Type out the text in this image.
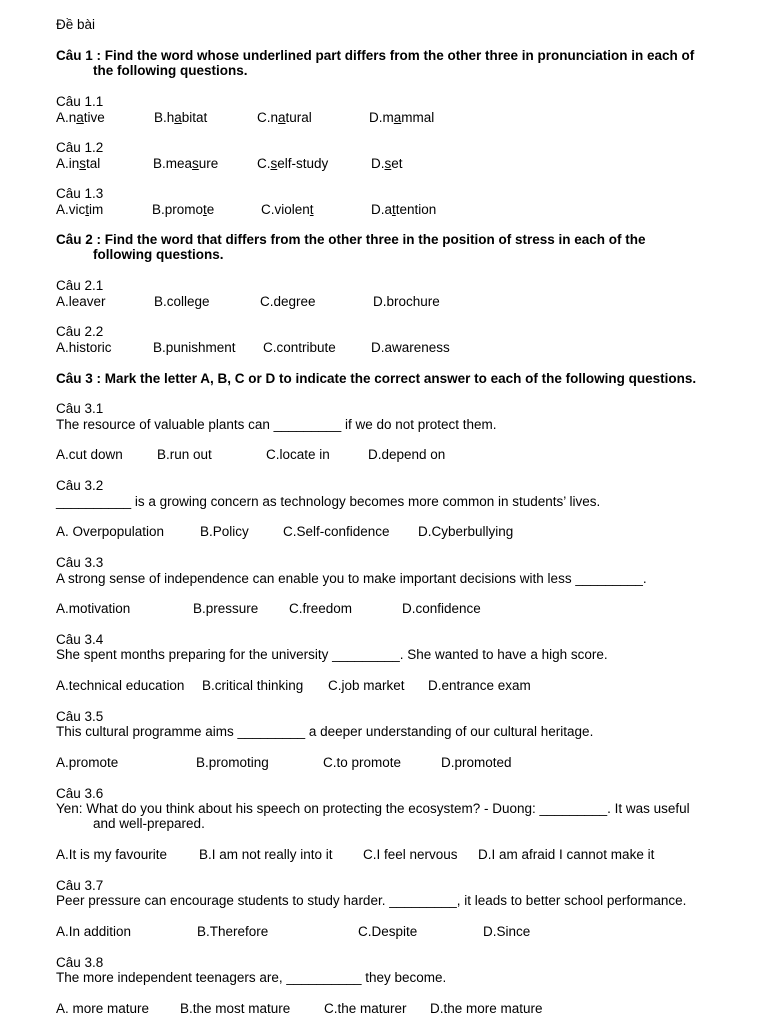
Đề bài
Câu 1 : Find the word whose underlined part differs from the other three in pronunciation in each of
the following questions.
Câu 1.1
A.native	B.habitat	C.natural	D.mammal
Câu 1.2
A.instal	B.measure	C.self-study	D.set
Câu 1.3
A.victim	B.promote	C.violent	D.attention
Câu 2 : Find the word that differs from the other three in the position of stress in each of the
following questions.
Câu 2.1
A.leaver	B.college	C.degree	D.brochure
Câu 2.2
A.historic	B.punishment C.contribute	D.awareness
Câu 3 : Mark the letter A, B, C or D to indicate the correct answer to each of the following questions.
Câu 3.1
The resource of valuable plants can _________ if we do not protect them.
A.cut down	B.run out	C.locate in	D.depend on
Câu 3.2
__________ is a growing concern as technology becomes more common in students’ lives.
A. Overpopulation	B.Policy	C.Self-confidence D.Cyberbullying
Câu 3.3
A strong sense of independence can enable you to make important decisions with less _________.
A.motivation	B.pressure C.freedom	D.confidence
Câu 3.4
She spent months preparing for the university _________. She wanted to have a high score.
A.technical education B.critical thinking C.job market D.entrance exam
Câu 3.5
This cultural programme aims _________ a deeper understanding of our cultural heritage.
A.promote	B.promoting	C.to promote	D.promoted
Câu 3.6
Yen: What do you think about his speech on protecting the ecosystem? - Duong: _________. It was useful
and well-prepared.
A.It is my favourite B.I am not really into it C.I feel nervous D.I am afraid I cannot make it
Câu 3.7
Peer pressure can encourage students to study harder. _________, it leads to better school performance.
A.In addition	B.Therefore	C.Despite	D.Since
Câu 3.8
The more independent teenagers are, __________ they become.
A. more mature B.the most mature C.the maturer D.the more mature
